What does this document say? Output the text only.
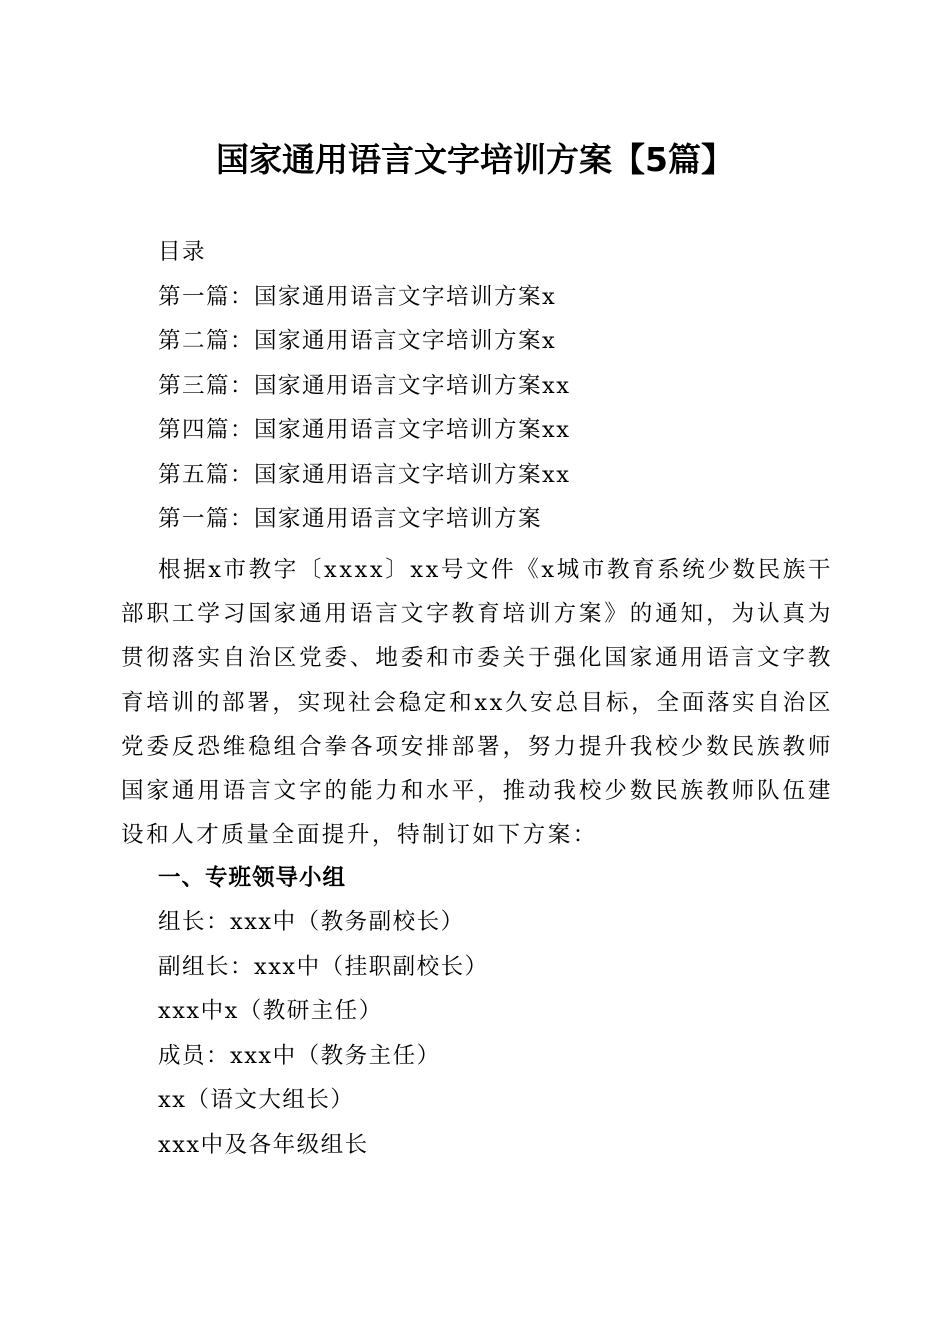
国家通用语言文字培训方案【5篇】
目录
第一篇：国家通用语言文字培训方案x
第二篇：国家通用语言文字培训方案x
第三篇：国家通用语言文字培训方案xx
第四篇：国家通用语言文字培训方案xx
第五篇：国家通用语言文字培训方案xx
第一篇：国家通用语言文字培训方案
根据x市教字〔xxxx〕xx号文件《x城市教育系统少数民族干部职工学习国家通用语言文字教育培训方案》的通知，为认真为贯彻落实自治区党委、地委和市委关于强化国家通用语言文字教育培训的部署，实现社会稳定和xx久安总目标，全面落实自治区党委反恐维稳组合拳各项安排部署，努力提升我校少数民族教师国家通用语言文字的能力和水平，推动我校少数民族教师队伍建设和人才质量全面提升，特制订如下方案：
一、专班领导小组
组长：xxx中（教务副校长）
副组长：xxx中（挂职副校长）
xxx中x（教研主任）
成员：xxx中（教务主任）
xx（语文大组长）
xxx中及各年级组长
